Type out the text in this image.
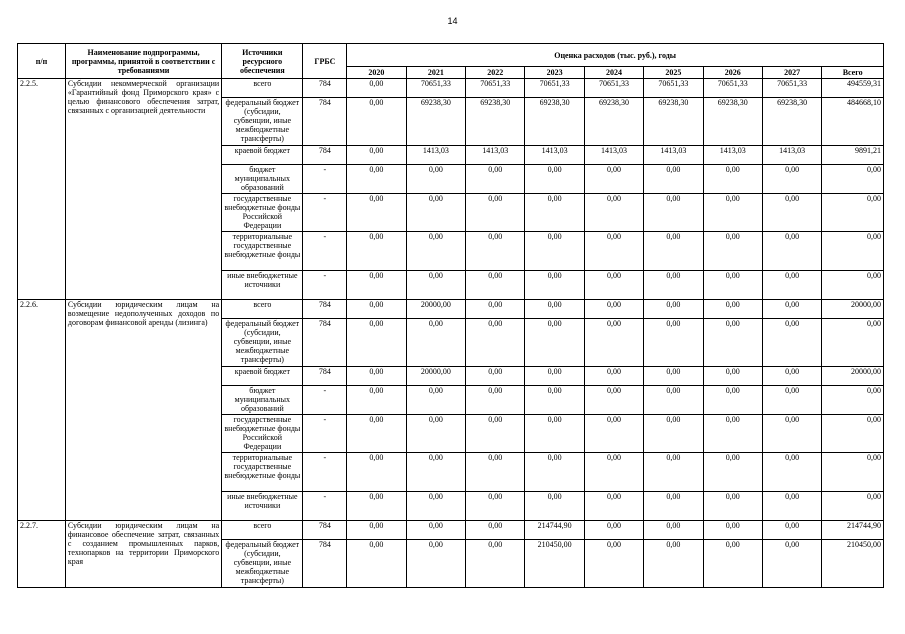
14
п/п	Наименование подпрограммы, программы, принятой в соответствии с требованиями	Источники ресурсного обеспечения	ГРБС	Оценка расходов (тыс. руб.), годы								
				2020	2021	2022	2023	2024	2025	2026	2027	Всего
2.2.5.	Субсидии некоммерческой организации «Гарантийный фонд Приморского края» с целью финансового обеспечения затрат, связанных с организацией деятельности	всего	784	0,00	70651,33	70651,33	70651,33	70651,33	70651,33	70651,33	70651,33	494559,31
		федеральный бюджет (субсидии, субвенции, иные межбюджетные трансферты)	784	0,00	69238,30	69238,30	69238,30	69238,30	69238,30	69238,30	69238,30	484668,10
		краевой бюджет	784	0,00	1413,03	1413,03	1413,03	1413,03	1413,03	1413,03	1413,03	9891,21
		бюджет муниципальных образований	-	0,00	0,00	0,00	0,00	0,00	0,00	0,00	0,00	0,00
		государственные внебюджетные фонды Российской Федерации	-	0,00	0,00	0,00	0,00	0,00	0,00	0,00	0,00	0,00
		территориальные государственные внебюджетные фонды	-	0,00	0,00	0,00	0,00	0,00	0,00	0,00	0,00	0,00
		иные внебюджетные источники	-	0,00	0,00	0,00	0,00	0,00	0,00	0,00	0,00	0,00
2.2.6.	Субсидии юридическим лицам на возмещение недополученных доходов по договорам финансовой аренды (лизинга)	всего	784	0,00	20000,00	0,00	0,00	0,00	0,00	0,00	0,00	20000,00
		федеральный бюджет (субсидии, субвенции, иные межбюджетные трансферты)	784	0,00	0,00	0,00	0,00	0,00	0,00	0,00	0,00	0,00
		краевой бюджет	784	0,00	20000,00	0,00	0,00	0,00	0,00	0,00	0,00	20000,00
		бюджет муниципальных образований	-	0,00	0,00	0,00	0,00	0,00	0,00	0,00	0,00	0,00
		государственные внебюджетные фонды Российской Федерации	-	0,00	0,00	0,00	0,00	0,00	0,00	0,00	0,00	0,00
		территориальные государственные внебюджетные фонды	-	0,00	0,00	0,00	0,00	0,00	0,00	0,00	0,00	0,00
		иные внебюджетные источники	-	0,00	0,00	0,00	0,00	0,00	0,00	0,00	0,00	0,00
2.2.7.	Субсидии юридическим лицам на финансовое обеспечение затрат, связанных с созданием промышленных парков, технопарков на территории Приморского края	всего	784	0,00	0,00	0,00	214744,90	0,00	0,00	0,00	0,00	214744,90
		федеральный бюджет (субсидии, субвенции, иные межбюджетные трансферты)	784	0,00	0,00	0,00	210450,00	0,00	0,00	0,00	0,00	210450,00
